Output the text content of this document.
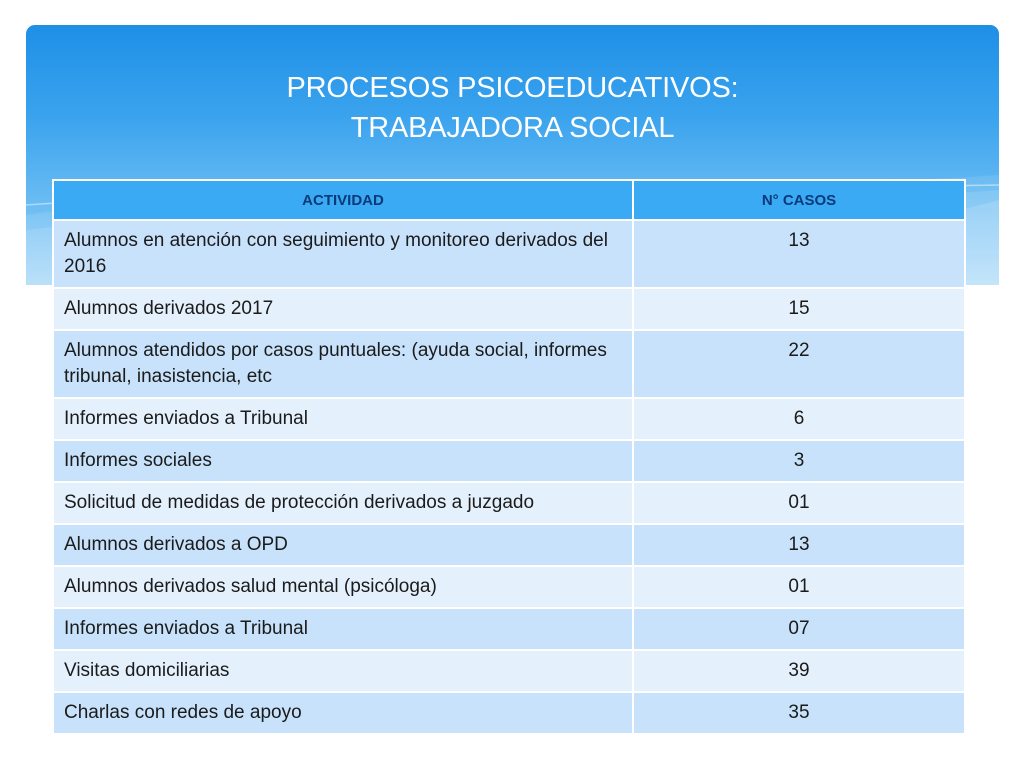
PROCESOS PSICOEDUCATIVOS:
TRABAJADORA SOCIAL
ACTIVIDAD	N° CASOS
Alumnos en atención con seguimiento y monitoreo derivados del 2016	13
Alumnos derivados 2017	15
Alumnos atendidos por casos puntuales: (ayuda social, informes tribunal, inasistencia, etc	22
Informes enviados a Tribunal	6
Informes sociales	3
Solicitud de medidas de protección derivados a juzgado	01
Alumnos derivados a OPD	13
Alumnos derivados salud mental (psicóloga)	01
Informes enviados a Tribunal	07
Visitas domiciliarias	39
Charlas con redes de apoyo	35
